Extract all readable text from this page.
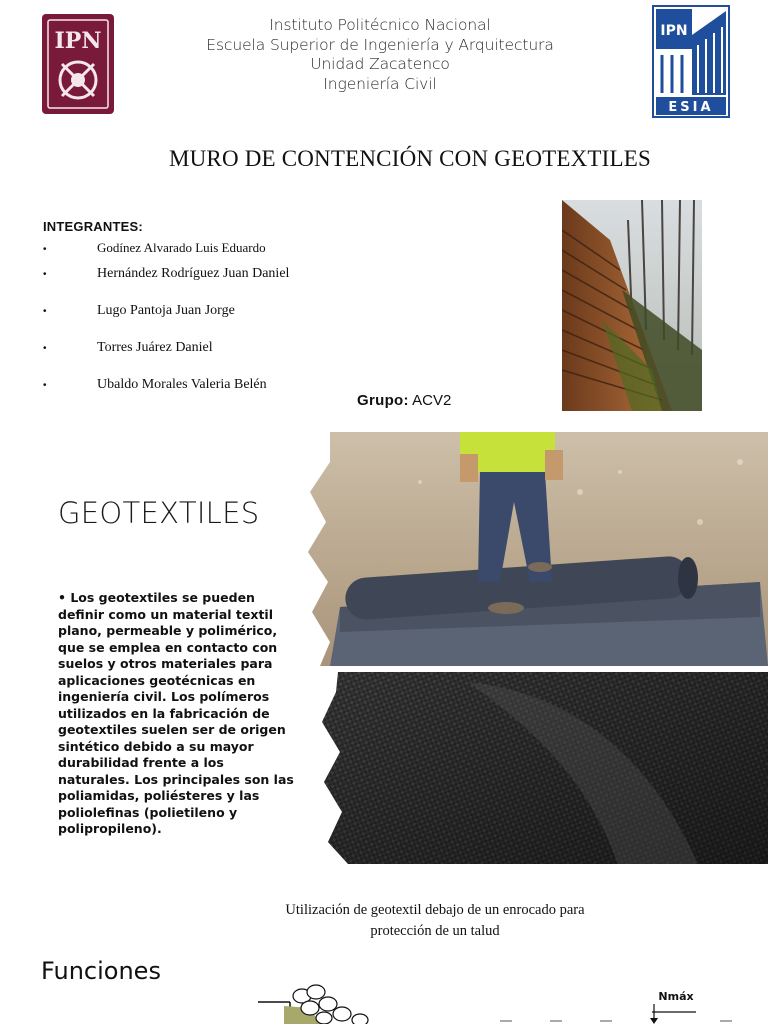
Instituto Politécnico Nacional
Escuela Superior de Ingeniería y Arquitectura
Unidad Zacatenco
Ingeniería Civil
IPN	IPN
ESIA
MURO DE CONTENCIÓN CON GEOTEXTILES
INTEGRANTES:
•	Godínez Alvarado Luis Eduardo
•	Hernández Rodríguez Juan Daniel
•	Lugo Pantoja Juan Jorge
•	Torres Juárez Daniel
•	Ubaldo Morales Valeria Belén
Grupo: ACV2
GEOTEXTILES
• Los geotextiles se pueden definir como un material textil plano, permeable y polimérico, que se emplea en contacto con suelos y otros materiales para aplicaciones geotécnicas en ingeniería civil. Los polímeros utilizados en la fabricación de geotextiles suelen ser de origen sintético debido a su mayor durabilidad frente a los naturales. Los principales son las poliamidas, poliésteres y las poliolefinas (polietileno y polipropileno).
Utilización de geotextil debajo de un enrocado para
protección de un talud
Funciones
Nmáx
